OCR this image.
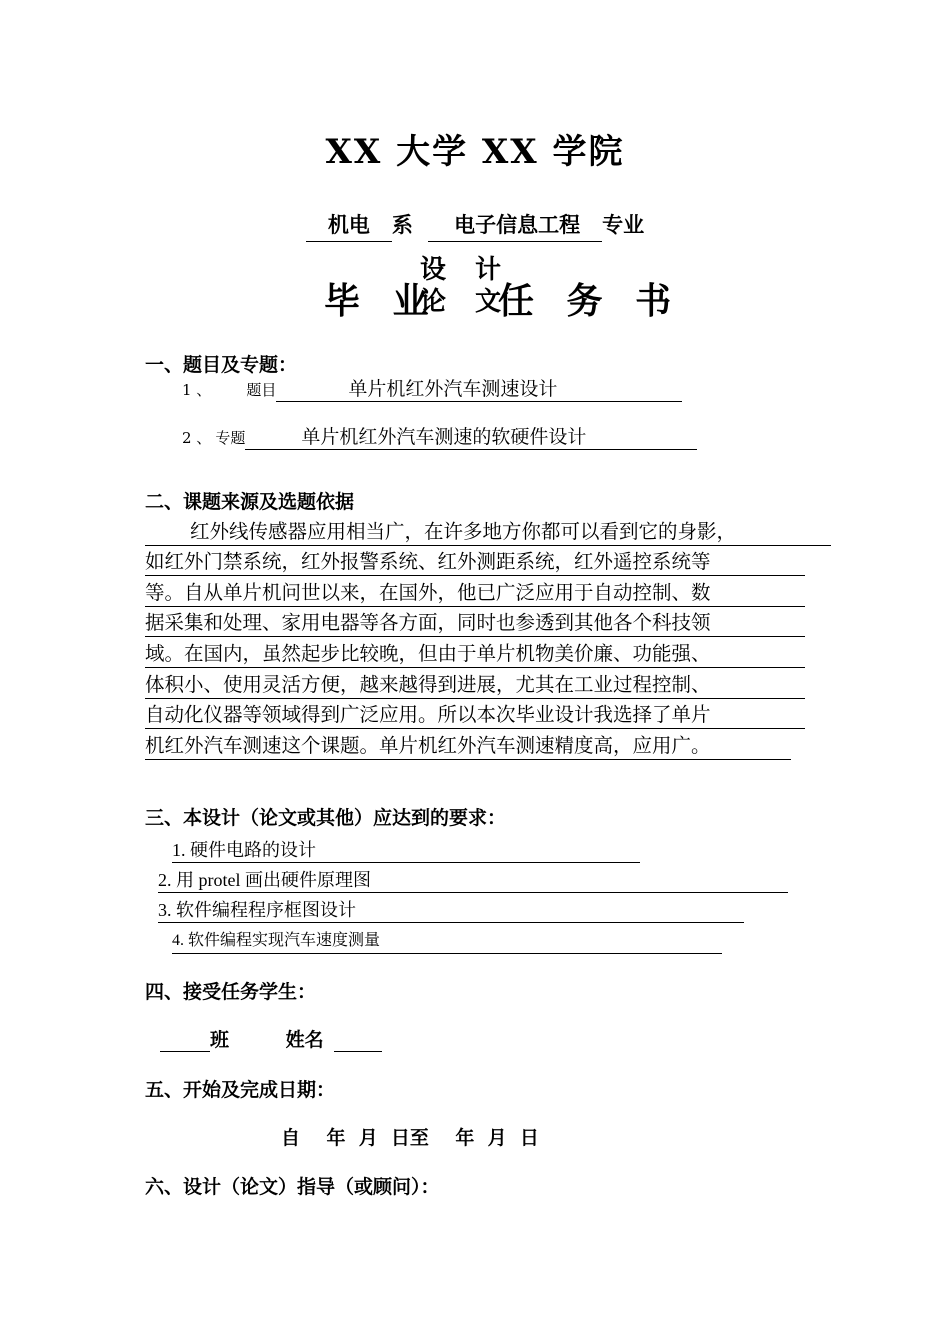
XX 大学 XX 学院
机电 系 电子信息工程 专业
毕 业
设 计
论 文
任 务 书
一、题目及专题：
1 、 题目	单片机红外汽车测速设计
2 、 专题	单片机红外汽车测速的软硬件设计
二、课题来源及选题依据
红外线传感器应用相当广，在许多地方你都可以看到它的身影，
如红外门禁系统，红外报警系统、红外测距系统，红外遥控系统等
等。自从单片机问世以来，在国外，他已广泛应用于自动控制、数
据采集和处理、家用电器等各方面，同时也参透到其他各个科技领
域。在国内，虽然起步比较晚，但由于单片机物美价廉、功能强、
体积小、使用灵活方便，越来越得到进展，尤其在工业过程控制、
自动化仪器等领域得到广泛应用。所以本次毕业设计我选择了单片
机红外汽车测速这个课题。单片机红外汽车测速精度高，应用广。
三、本设计（论文或其他）应达到的要求：
1. 硬件电路的设计
2. 用 protel 画出硬件原理图
3. 软件编程程序框图设计
4. 软件编程实现汽车速度测量
四、接受任务学生：
班	姓名
五、开始及完成日期：
自    年  月  日至    年  月  日
六、设计（论文）指导（或顾问）：
